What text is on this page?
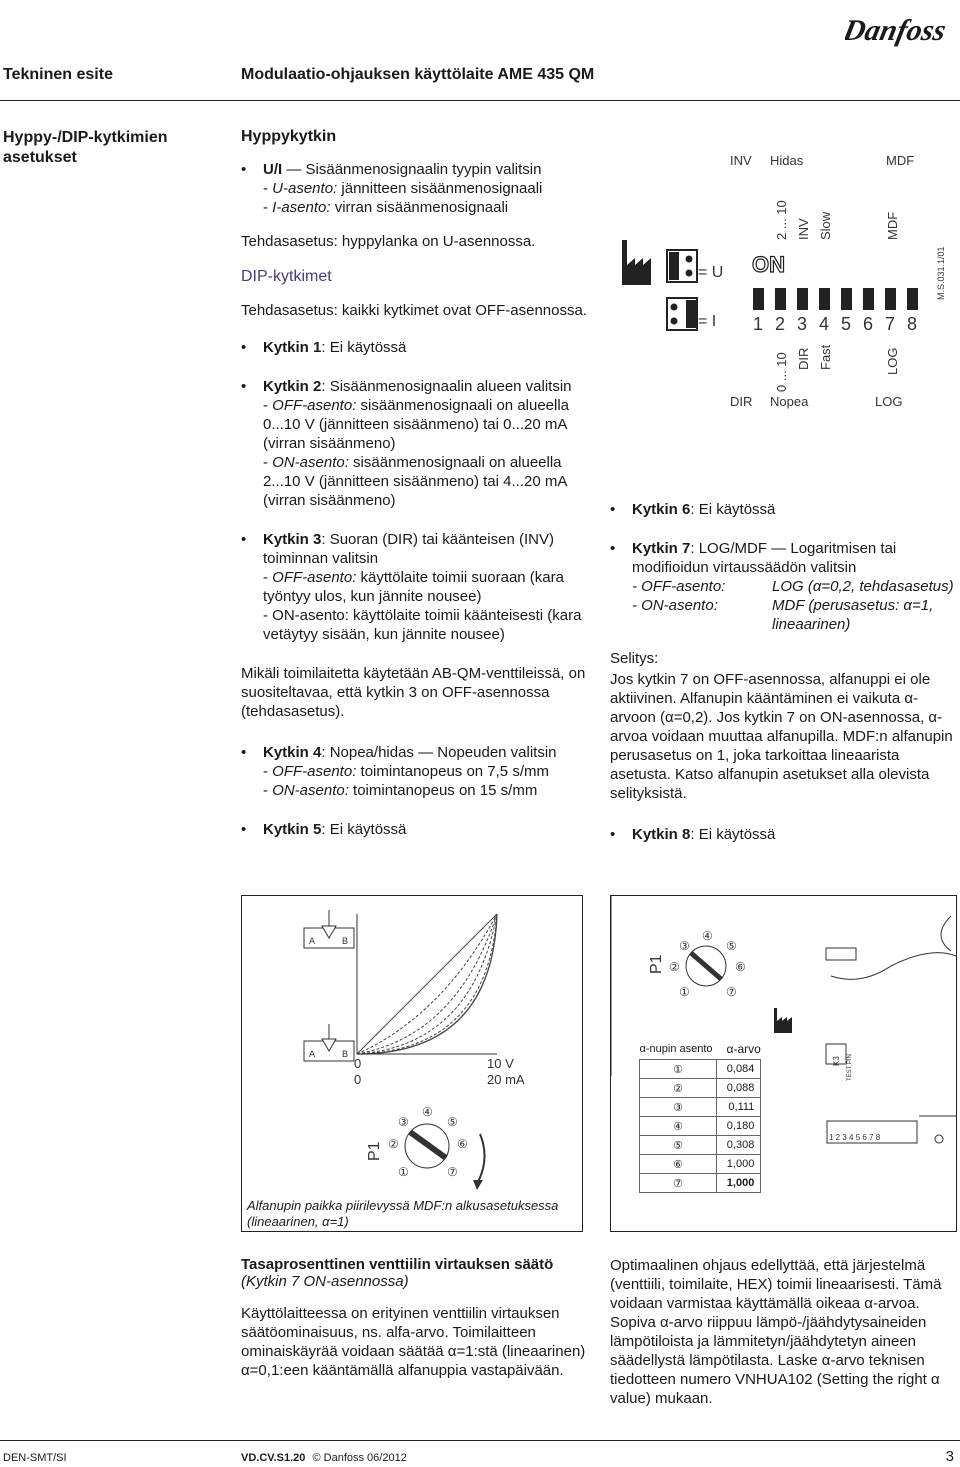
Danfoss
Tekninen esite	Modulaatio-ohjauksen käyttölaite AME 435 QM
Hyppy-/DIP-kytkimien asetukset
Hyppykytkin
• U/I — Sisäänmenosignaalin tyypin valitsin
- U-asento: jännitteen sisäänmenosignaali
- I-asento: virran sisäänmenosignaali
Tehdasasetus: hyppylanka on U-asennossa.
DIP-kytkimet
Tehdasasetus: kaikki kytkimet ovat OFF-asennossa.
• Kytkin 1: Ei käytössä
• Kytkin 2: Sisäänmenosignaalin alueen valitsin
- OFF-asento: sisäänmenosignaali on alueella 0...10 V (jännitteen sisäänmeno) tai 0...20 mA (virran sisäänmeno)
- ON-asento: sisäänmenosignaali on alueella 2...10 V (jännitteen sisäänmeno) tai 4...20 mA (virran sisäänmeno)
• Kytkin 3: Suoran (DIR) tai käänteisen (INV) toiminnan valitsin
- OFF-asento: käyttölaite toimii suoraan (kara työntyy ulos, kun jännite nousee)
- ON-asento: käyttölaite toimii käänteisesti (kara vetäytyy sisään, kun jännite nousee)
Mikäli toimilaitetta käytetään AB-QM-venttileissä, on suositeltavaa, että kytkin 3 on OFF-asennossa (tehdasasetus).
• Kytkin 4: Nopea/hidas — Nopeuden valitsin
- OFF-asento: toimintanopeus on 7,5 s/mm
- ON-asento: toimintanopeus on 15 s/mm
• Kytkin 5: Ei käytössä
INV Hidas	MDF
2 ... 10 INV Slow	MDF
= U
= I
ON
1 2 3 4 5 6 7 8
M.S.031.1/01
0 ... 10 DIR Fast	LOG
DIR Nopea	LOG
• Kytkin 6: Ei käytössä
• Kytkin 7: LOG/MDF — Logaritmisen tai modifioidun virtaussäädön valitsin
- OFF-asento:	LOG (α=0,2, tehdasasetus)
- ON-asento:	MDF (perusasetus: α=1, lineaarinen)
Selitys:
Jos kytkin 7 on OFF-asennossa, alfanuppi ei ole aktiivinen. Alfanupin kääntäminen ei vaikuta α-arvoon (α=0,2). Jos kytkin 7 on ON-asennossa, α-arvoa voidaan muuttaa alfanupilla. MDF:n alfanupin perusasetus on 1, joka tarkoittaa lineaarista asetusta. Katso alfanupin asetukset alla olevista selityksistä.
• Kytkin 8: Ei käytössä
A	B
A	B
0	10 V
0	20 mA
P1
①
②
③
④
⑤
⑥
⑦
Alfanupin paikka piirilevyssä MDF:n alkusasetuksessa (lineaarinen, α=1)
P1
①
②
③
④
⑤
⑥
⑦
α-nupin asento	α-arvo
①	0,084
②	0,088
③	0,111
④	0,180
⑤	0,308
⑥	1,000
⑦	1,000
K3 TEST PIN
1 2 3 4 5 6 7 8
Tasaprosenttinen venttiilin virtauksen säätö
(Kytkin 7 ON-asennossa)
Käyttölaitteessa on erityinen venttiilin virtauksen säätöominaisuus, ns. alfa-arvo. Toimilaitteen ominaiskäyrää voidaan säätää α=1:stä (lineaarinen) α=0,1:een kääntämällä alfanuppia vastapäivään.
Optimaalinen ohjaus edellyttää, että järjestelmä (venttiili, toimilaite, HEX) toimii lineaarisesti. Tämä voidaan varmistaa käyttämällä oikeaa α-arvoa. Sopiva α-arvo riippuu lämpö-/jäähdytysaineiden lämpötiloista ja lämmitetyn/jäähdytetyn aineen säädellystä lämpötilasta. Laske α-arvo teknisen tiedotteen numero VNHUA102 (Setting the right α value) mukaan.
DEN-SMT/SI	VD.CV.S1.20 © Danfoss 06/2012	3
